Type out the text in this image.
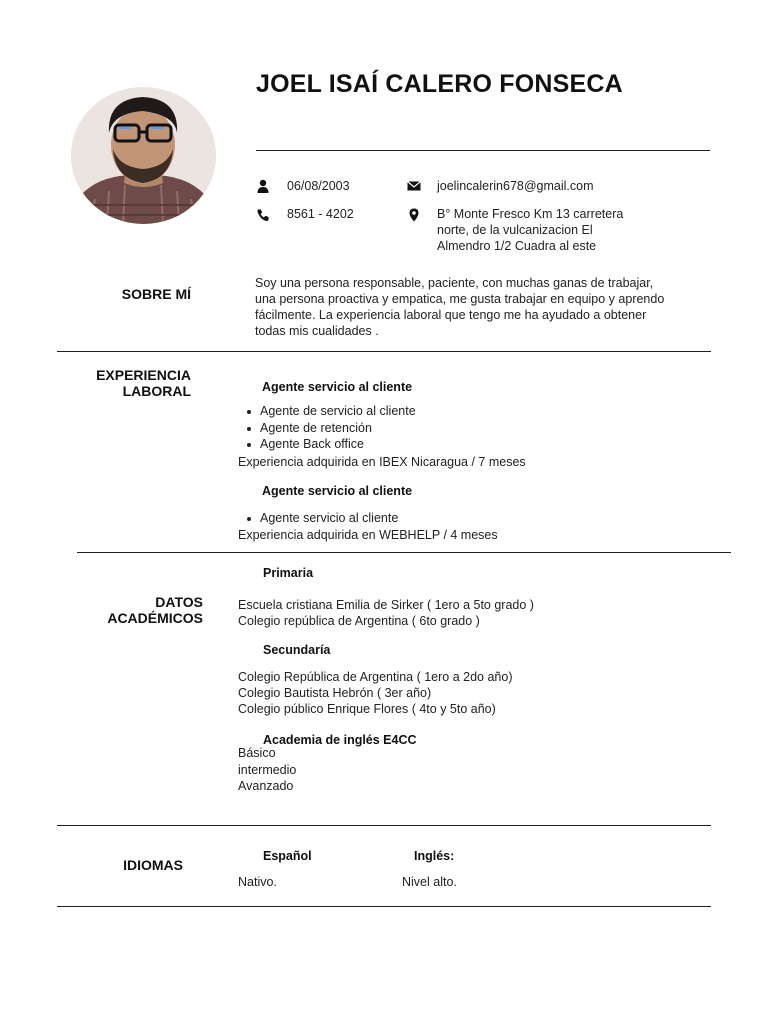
JOEL ISAÍ CALERO FONSECA
06/08/2003
8561 - 4202
joelincalerin678@gmail.com
B° Monte Fresco Km 13 carretera
norte, de la vulcanizacion El
Almendro 1/2 Cuadra al este
SOBRE MÍ
Soy una persona responsable, paciente, con muchas ganas de trabajar,
una persona proactiva y empatica, me gusta trabajar en equipo y aprendo
fácilmente. La experiencia laboral que tengo me ha ayudado a obtener
todas mis cualidades .
EXPERIENCIA
LABORAL	Agente servicio al cliente
Agente de servicio al cliente
Agente de retención
Agente Back office
Experiencia adquirida en IBEX Nicaragua / 7 meses
Agente servicio al cliente
Agente servicio al cliente
Experiencia adquirida en WEBHELP / 4 meses
DATOS
ACADÉMICOS
Primaria
Escuela cristiana Emilia de Sirker ( 1ero a 5to grado )
Colegio república de Argentina ( 6to grado )
Secundaría
Colegio República de Argentina ( 1ero a 2do año)
Colegio Bautista Hebrón ( 3er año)
Colegio público Enrique Flores ( 4to y 5to año)
Academia de inglés E4CC
Básico
intermedio
Avanzado
IDIOMAS
Español
Nativo.
Inglés:
Nivel alto.
